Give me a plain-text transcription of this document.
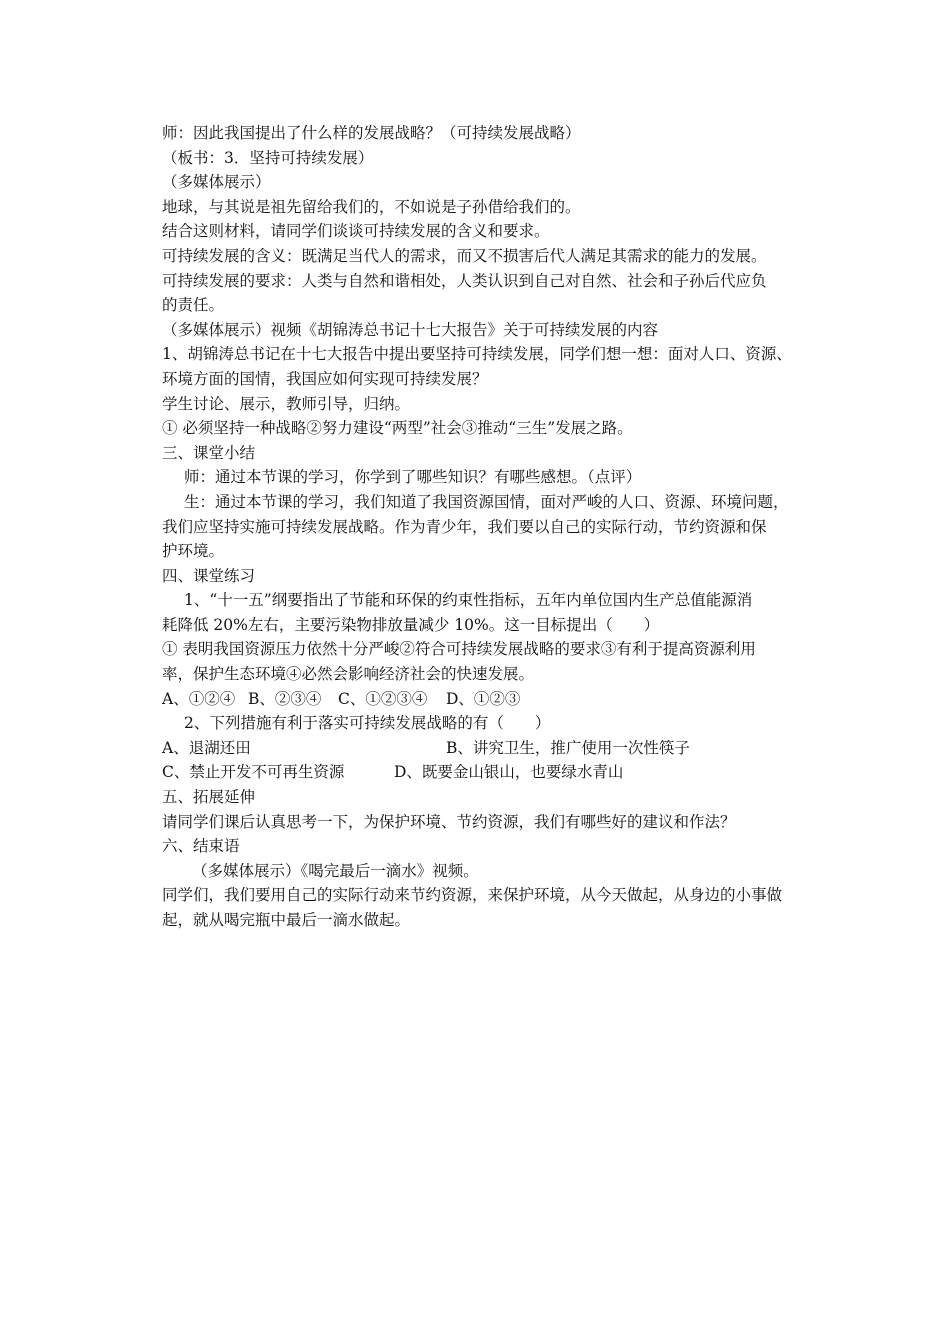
师：因此我国提出了什么样的发展战略？（可持续发展战略）
（板书：3．坚持可持续发展）
（多媒体展示）
地球，与其说是祖先留给我们的，不如说是子孙借给我们的。
结合这则材料，请同学们谈谈可持续发展的含义和要求。
可持续发展的含义：既满足当代人的需求，而又不损害后代人满足其需求的能力的发展。
可持续发展的要求：人类与自然和谐相处，人类认识到自己对自然、社会和子孙后代应负
的责任。
（多媒体展示）视频《胡锦涛总书记十七大报告》关于可持续发展的内容
1、胡锦涛总书记在十七大报告中提出要坚持可持续发展，同学们想一想：面对人口、资源、
环境方面的国情，我国应如何实现可持续发展？
学生讨论、展示，教师引导，归纳。
① 必须坚持一种战略②努力建设“两型”社会③推动“三生”发展之路。
三、课堂小结
师：通过本节课的学习，你学到了哪些知识？有哪些感想。（点评）
生：通过本节课的学习，我们知道了我国资源国情，面对严峻的人口、资源、环境问题，
我们应坚持实施可持续发展战略。作为青少年，我们要以自己的实际行动，节约资源和保
护环境。
四、课堂练习
1、“十一五”纲要指出了节能和环保的约束性指标，五年内单位国内生产总值能源消
耗降低 20%左右，主要污染物排放量减少 10%。这一目标提出（　　）
① 表明我国资源压力依然十分严峻②符合可持续发展战略的要求③有利于提高资源利用
率，保护生态环境④必然会影响经济社会的快速发展。
A、①②④ B、②③④	C、①②③④	D、①②③
2、下列措施有利于落实可持续发展战略的有（　　）
A、退湖还田	B、讲究卫生，推广使用一次性筷子
C、禁止开发不可再生资源	D、既要金山银山，也要绿水青山
五、拓展延伸
请同学们课后认真思考一下，为保护环境、节约资源，我们有哪些好的建议和作法？
六、结束语
（多媒体展示）《喝完最后一滴水》视频。
同学们，我们要用自己的实际行动来节约资源，来保护环境，从今天做起，从身边的小事做
起，就从喝完瓶中最后一滴水做起。
